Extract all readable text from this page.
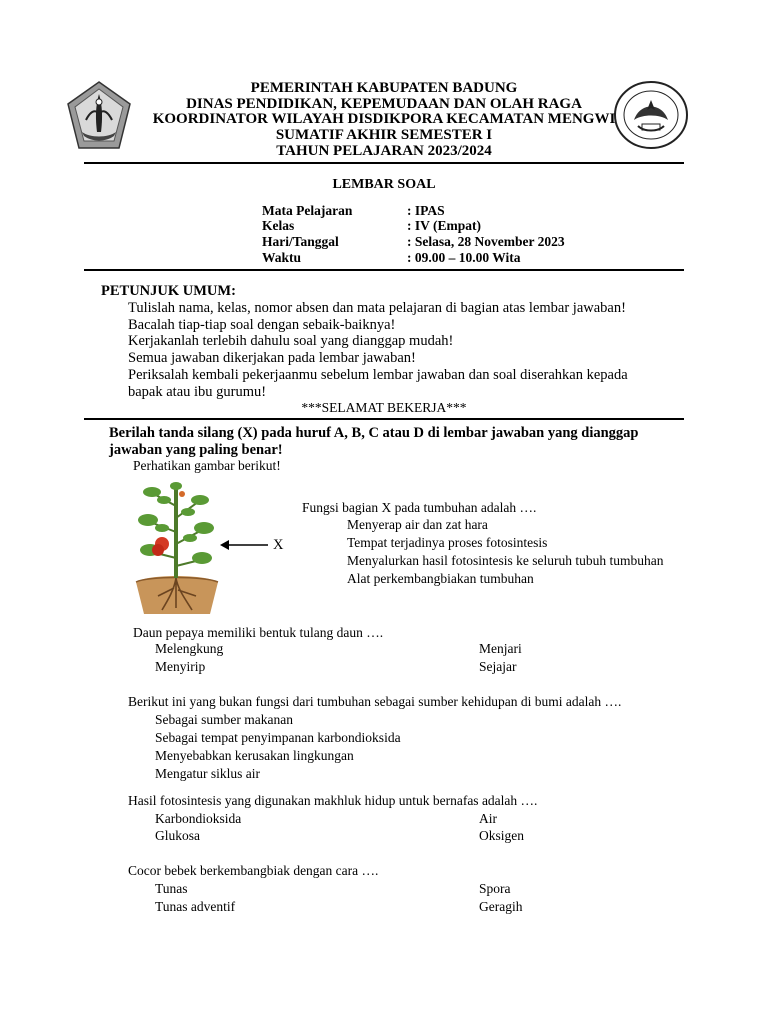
PEMERINTAH KABUPATEN BADUNG
DINAS PENDIDIKAN, KEPEMUDAAN DAN OLAH RAGA
KOORDINATOR WILAYAH DISDIKPORA KECAMATAN MENGWI
SUMATIF AKHIR SEMESTER I
TAHUN PELAJARAN 2023/2024
LEMBAR SOAL
Mata Pelajaran	: IPAS
Kelas	: IV (Empat)
Hari/Tanggal	: Selasa, 28 November 2023
Waktu	: 09.00 – 10.00 Wita
PETUNJUK UMUM:
Tulislah nama, kelas, nomor absen dan mata pelajaran di bagian atas lembar jawaban!
Bacalah tiap-tiap soal dengan sebaik-baiknya!
Kerjakanlah terlebih dahulu soal yang dianggap mudah!
Semua jawaban dikerjakan pada lembar jawaban!
Periksalah kembali pekerjaanmu sebelum lembar jawaban dan soal diserahkan kepada
bapak atau ibu gurumu!
***SELAMAT BEKERJA***
Berilah tanda silang (X) pada huruf A, B, C atau D di lembar jawaban yang dianggap
jawaban yang paling benar!
Perhatikan gambar berikut!
X
Fungsi bagian X pada tumbuhan adalah ….
Menyerap air dan zat hara
Tempat terjadinya proses fotosintesis
Menyalurkan hasil fotosintesis ke seluruh tubuh tumbuhan
Alat perkembangbiakan tumbuhan
Daun pepaya memiliki bentuk tulang daun ….
Melengkung	Menjari
Menyirip	Sejajar
Berikut ini yang bukan fungsi dari tumbuhan sebagai sumber kehidupan di bumi adalah ….
Sebagai sumber makanan
Sebagai tempat penyimpanan karbondioksida
Menyebabkan kerusakan lingkungan
Mengatur siklus air
Hasil fotosintesis yang digunakan makhluk hidup untuk bernafas adalah ….
Karbondioksida	Air
Glukosa	Oksigen
Cocor bebek berkembangbiak dengan cara ….
Tunas	Spora
Tunas adventif	Geragih
